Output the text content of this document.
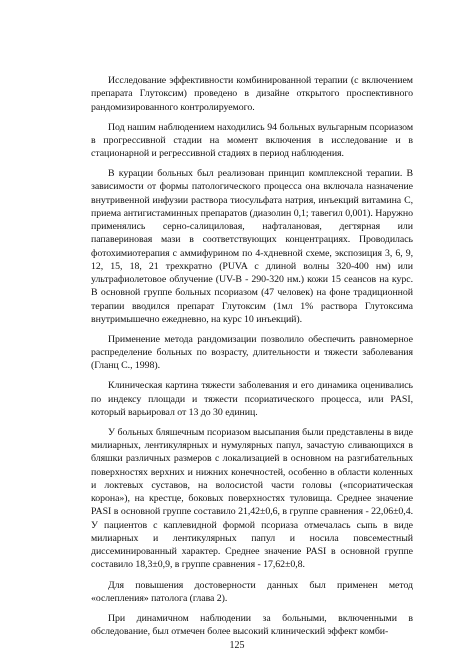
Исследование эффективности комбинированной терапии (с включением препарата Глутоксим) проведено в дизайне открытого проспективного рандомизированного контролируемого.

Под нашим наблюдением находились 94 больных вульгарным псориазом в прогрессивной стадии на момент включения в исследование и в стационарной и регрессивной стадиях в период наблюдения.

В курации больных был реализован принцип комплексной терапии. В зависимости от формы патологического процесса она включала назначение внутривенной инфузии раствора тиосульфата натрия, инъекций витамина С, приема антигистаминных препаратов (диазолин 0,1; тавегил 0,001). Наружно применялись серно-салициловая, нафталановая, дегтярная или папавериновая мази в соответствующих концентрациях. Проводилась фотохимиотерапия с аммифурином по 4-хдневной схеме, экспозиция 3, 6, 9, 12, 15, 18, 21 трехкратно (PUVA с длиной волны 320-400 нм) или ультрафиолетовое облучение (UV-B - 290-320 нм.) кожи 15 сеансов на курс. В основной группе больных псориазом (47 человек) на фоне традиционной терапии вводился препарат Глутоксим (1мл 1% раствора Глутоксима внутримышечно ежедневно, на курс 10 инъекций).

Применение метода рандомизации позволило обеспечить равномерное распределение больных по возрасту, длительности и тяжести заболевания (Гланц С., 1998).

Клиническая картина тяжести заболевания и его динамика оценивались по индексу площади и тяжести псориатического процесса, или PASI, который варьировал от 13 до 30 единиц.

У больных бляшечным псориазом высыпания были представлены в виде милиарных, лентикулярных и нумулярных папул, зачастую сливающихся в бляшки различных размеров с локализацией в основном на разгибательных поверхностях верхних и нижних конечностей, особенно в области коленных и локтевых суставов, на волосистой части головы («псориатическая корона»), на крестце, боковых поверхностях туловища. Среднее значение PASI в основной группе составило 21,42±0,6, в группе сравнения - 22,06±0,4. У пациентов с каплевидной формой псориаза отмечалась сыпь в виде милиарных и лентикулярных папул и носила повсеместный диссеминированный характер. Среднее значение PASI в основной группе составило 18,3±0,9, в группе сравнения - 17,62±0,8.

Для повышения достоверности данных был применен метод «ослепления» патолога (глава 2).

При динамичном наблюдении за больными, включенными в обследование, был отмечен более высокий клинический эффект комби-

125
